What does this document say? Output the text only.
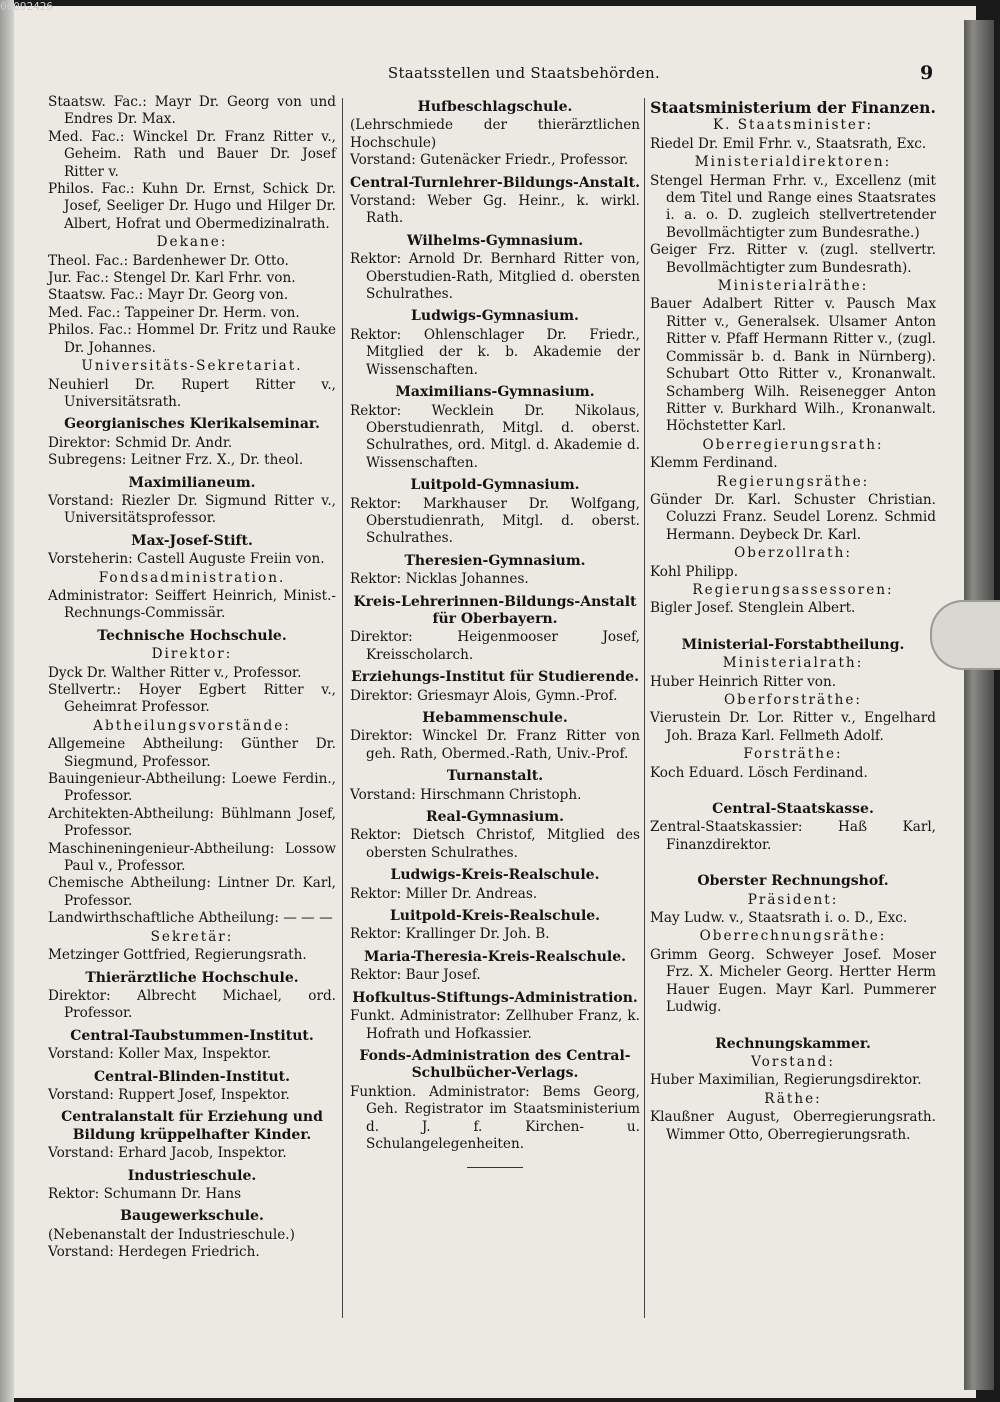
Staatsstellen und Staatsbehörden.	9

Staatsw. Fac.: Mayr Dr. Georg von und Endres Dr. Max.

Med. Fac.: Winckel Dr. Franz Ritter v., Geheim. Rath und Bauer Dr. Josef Ritter v.

Philos. Fac.: Kuhn Dr. Ernst, Schick Dr. Josef, Seeliger Dr. Hugo und Hilger Dr. Albert, Hofrat und Obermedizinalrath.

Dekane:

Theol. Fac.: Bardenhewer Dr. Otto.

Jur. Fac.: Stengel Dr. Karl Frhr. von.

Staatsw. Fac.: Mayr Dr. Georg von.

Med. Fac.: Tappeiner Dr. Herm. von.

Philos. Fac.: Hommel Dr. Fritz und Rauke Dr. Johannes.

Universitäts-Sekretariat.

Neuhierl Dr. Rupert Ritter v., Universitätsrath.

Georgianisches Klerikalseminar.

Direktor: Schmid Dr. Andr.

Subregens: Leitner Frz. X., Dr. theol.

Maximilianeum.

Vorstand: Riezler Dr. Sigmund Ritter v., Universitätsprofessor.

Max-Josef-Stift.

Vorsteherin: Castell Auguste Freiin von.

Fondsadministration.

Administrator: Seiffert Heinrich, Minist.-Rechnungs-Commissär.

Technische Hochschule.
Direktor:

Dyck Dr. Walther Ritter v., Professor.

Stellvertr.: Hoyer Egbert Ritter v., Geheimrat Professor.

Abtheilungsvorstände:

Allgemeine Abtheilung: Günther Dr. Siegmund, Professor.

Bauingenieur-Abtheilung: Loewe Ferdin., Professor.

Architekten-Abtheilung: Bühlmann Josef, Professor.

Maschineningenieur-Abtheilung: Lossow Paul v., Professor.

Chemische Abtheilung: Lintner Dr. Karl, Professor.

Landwirthschaftliche Abtheilung: — — —

Sekretär:

Metzinger Gottfried, Regierungsrath.

Thierärztliche Hochschule.

Direktor: Albrecht Michael, ord. Professor.

Central-Taubstummen-Institut.

Vorstand: Koller Max, Inspektor.

Central-Blinden-Institut.

Vorstand: Ruppert Josef, Inspektor.

Centralanstalt für Erziehung und Bildung krüppelhafter Kinder.

Vorstand: Erhard Jacob, Inspektor.

Industrieschule.

Rektor: Schumann Dr. Hans

Baugewerkschule.

(Nebenanstalt der Industrieschule.)

Vorstand: Herdegen Friedrich.

Hufbeschlagschule.

(Lehrschmiede der thierärztlichen Hochschule)

Vorstand: Gutenäcker Friedr., Professor.

Central-Turnlehrer-Bildungs-Anstalt.

Vorstand: Weber Gg. Heinr., k. wirkl. Rath.

Wilhelms-Gymnasium.

Rektor: Arnold Dr. Bernhard Ritter von, Oberstudien-Rath, Mitglied d. obersten Schulrathes.

Ludwigs-Gymnasium.

Rektor: Ohlenschlager Dr. Friedr., Mitglied der k. b. Akademie der Wissenschaften.

Maximilians-Gymnasium.

Rektor: Wecklein Dr. Nikolaus, Oberstudienrath, Mitgl. d. oberst. Schulrathes, ord. Mitgl. d. Akademie d. Wissenschaften.

Luitpold-Gymnasium.

Rektor: Markhauser Dr. Wolfgang, Oberstudienrath, Mitgl. d. oberst. Schulrathes.

Theresien-Gymnasium.

Rektor: Nicklas Johannes.

Kreis-Lehrerinnen-Bildungs-Anstalt für Oberbayern.

Direktor: Heigenmooser Josef, Kreisscholarch.

Erziehungs-Institut für Studierende.

Direktor: Griesmayr Alois, Gymn.-Prof.

Hebammenschule.

Direktor: Winckel Dr. Franz Ritter von geh. Rath, Obermed.-Rath, Univ.-Prof.

Turnanstalt.

Vorstand: Hirschmann Christoph.

Real-Gymnasium.

Rektor: Dietsch Christof, Mitglied des obersten Schulrathes.

Ludwigs-Kreis-Realschule.

Rektor: Miller Dr. Andreas.

Luitpold-Kreis-Realschule.

Rektor: Krallinger Dr. Joh. B.

Maria-Theresia-Kreis-Realschule.

Rektor: Baur Josef.

Hofkultus-Stiftungs-Administration.

Funkt. Administrator: Zellhuber Franz, k. Hofrath und Hofkassier.

Fonds-Administration des Central-Schulbücher-Verlags.

Funktion. Administrator: Bems Georg, Geh. Registrator im Staatsministerium d. J. f. Kirchen- u. Schulangelegenheiten.

Staatsministerium der Finanzen.
K. Staatsminister:

Riedel Dr. Emil Frhr. v., Staatsrath, Exc.

Ministerialdirektoren:

Stengel Herman Frhr. v., Excellenz (mit dem Titel und Range eines Staatsrates i. a. o. D. zugleich stellvertretender Bevollmächtigter zum Bundesrathe.)

Geiger Frz. Ritter v. (zugl. stellvertr. Bevollmächtigter zum Bundesrath).

Ministerialräthe:

Bauer Adalbert Ritter v. Pausch Max Ritter v., Generalsek. Ulsamer Anton Ritter v. Pfaff Hermann Ritter v., (zugl. Commissär b. d. Bank in Nürnberg). Schubart Otto Ritter v., Kronanwalt. Schamberg Wilh. Reisenegger Anton Ritter v. Burkhard Wilh., Kronanwalt. Höchstetter Karl.

Oberregierungsrath:

Klemm Ferdinand.

Regierungsräthe:

Günder Dr. Karl. Schuster Christian. Coluzzi Franz. Seudel Lorenz. Schmid Hermann. Deybeck Dr. Karl.

Oberzollrath:

Kohl Philipp.

Regierungsassessoren:

Bigler Josef. Stenglein Albert.

Ministerial-Forstabtheilung.
Ministerialrath:

Huber Heinrich Ritter von.

Oberforsträthe:

Vierustein Dr. Lor. Ritter v., Engelhard Joh. Braza Karl. Fellmeth Adolf.

Forsträthe:

Koch Eduard. Lösch Ferdinand.

Central-Staatskasse.

Zentral-Staatskassier: Haß Karl, Finanzdirektor.

Oberster Rechnungshof.
Präsident:

May Ludw. v., Staatsrath i. o. D., Exc.

Oberrechnungsräthe:

Grimm Georg. Schweyer Josef. Moser Frz. X. Micheler Georg. Hertter Herm Hauer Eugen. Mayr Karl. Pummerer Ludwig.

Rechnungskammer.
Vorstand:

Huber Maximilian, Regierungsdirektor.

Räthe:

Klaußner August, Oberregierungsrath. Wimmer Otto, Oberregierungsrath.

00092426
